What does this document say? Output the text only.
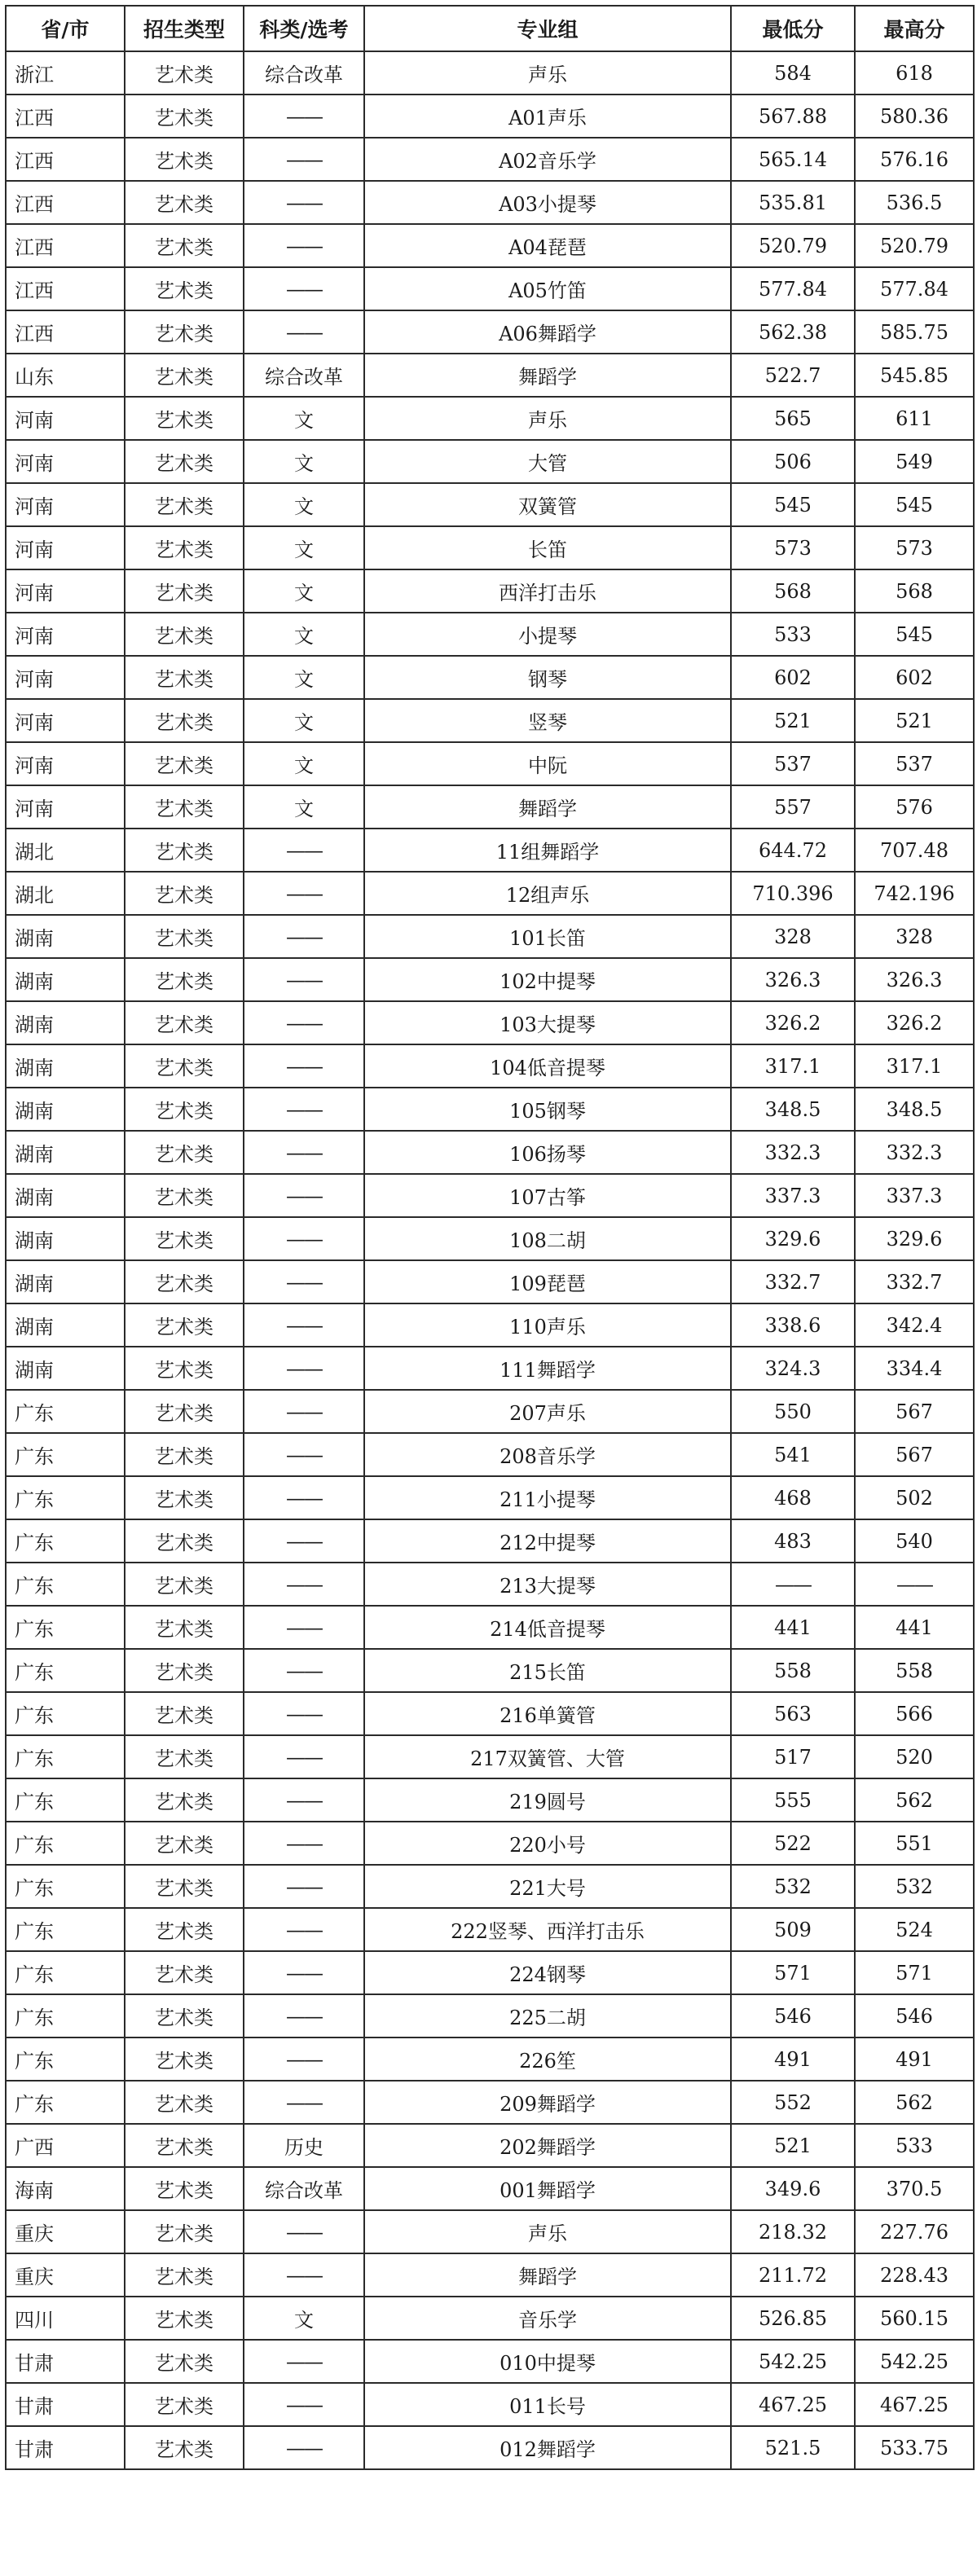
省/市	招生类型	科类/选考	专业组	最低分	最高分
浙江	艺术类	综合改革	声乐	584	618
江西	艺术类	——	A01声乐	567.88	580.36
江西	艺术类	——	A02音乐学	565.14	576.16
江西	艺术类	——	A03小提琴	535.81	536.5
江西	艺术类	——	A04琵琶	520.79	520.79
江西	艺术类	——	A05竹笛	577.84	577.84
江西	艺术类	——	A06舞蹈学	562.38	585.75
山东	艺术类	综合改革	舞蹈学	522.7	545.85
河南	艺术类	文	声乐	565	611
河南	艺术类	文	大管	506	549
河南	艺术类	文	双簧管	545	545
河南	艺术类	文	长笛	573	573
河南	艺术类	文	西洋打击乐	568	568
河南	艺术类	文	小提琴	533	545
河南	艺术类	文	钢琴	602	602
河南	艺术类	文	竖琴	521	521
河南	艺术类	文	中阮	537	537
河南	艺术类	文	舞蹈学	557	576
湖北	艺术类	——	11组舞蹈学	644.72	707.48
湖北	艺术类	——	12组声乐	710.396	742.196
湖南	艺术类	——	101长笛	328	328
湖南	艺术类	——	102中提琴	326.3	326.3
湖南	艺术类	——	103大提琴	326.2	326.2
湖南	艺术类	——	104低音提琴	317.1	317.1
湖南	艺术类	——	105钢琴	348.5	348.5
湖南	艺术类	——	106扬琴	332.3	332.3
湖南	艺术类	——	107古筝	337.3	337.3
湖南	艺术类	——	108二胡	329.6	329.6
湖南	艺术类	——	109琵琶	332.7	332.7
湖南	艺术类	——	110声乐	338.6	342.4
湖南	艺术类	——	111舞蹈学	324.3	334.4
广东	艺术类	——	207声乐	550	567
广东	艺术类	——	208音乐学	541	567
广东	艺术类	——	211小提琴	468	502
广东	艺术类	——	212中提琴	483	540
广东	艺术类	——	213大提琴	——	——
广东	艺术类	——	214低音提琴	441	441
广东	艺术类	——	215长笛	558	558
广东	艺术类	——	216单簧管	563	566
广东	艺术类	——	217双簧管、大管	517	520
广东	艺术类	——	219圆号	555	562
广东	艺术类	——	220小号	522	551
广东	艺术类	——	221大号	532	532
广东	艺术类	——	222竖琴、西洋打击乐	509	524
广东	艺术类	——	224钢琴	571	571
广东	艺术类	——	225二胡	546	546
广东	艺术类	——	226笙	491	491
广东	艺术类	——	209舞蹈学	552	562
广西	艺术类	历史	202舞蹈学	521	533
海南	艺术类	综合改革	001舞蹈学	349.6	370.5
重庆	艺术类	——	声乐	218.32	227.76
重庆	艺术类	——	舞蹈学	211.72	228.43
四川	艺术类	文	音乐学	526.85	560.15
甘肃	艺术类	——	010中提琴	542.25	542.25
甘肃	艺术类	——	011长号	467.25	467.25
甘肃	艺术类	——	012舞蹈学	521.5	533.75
